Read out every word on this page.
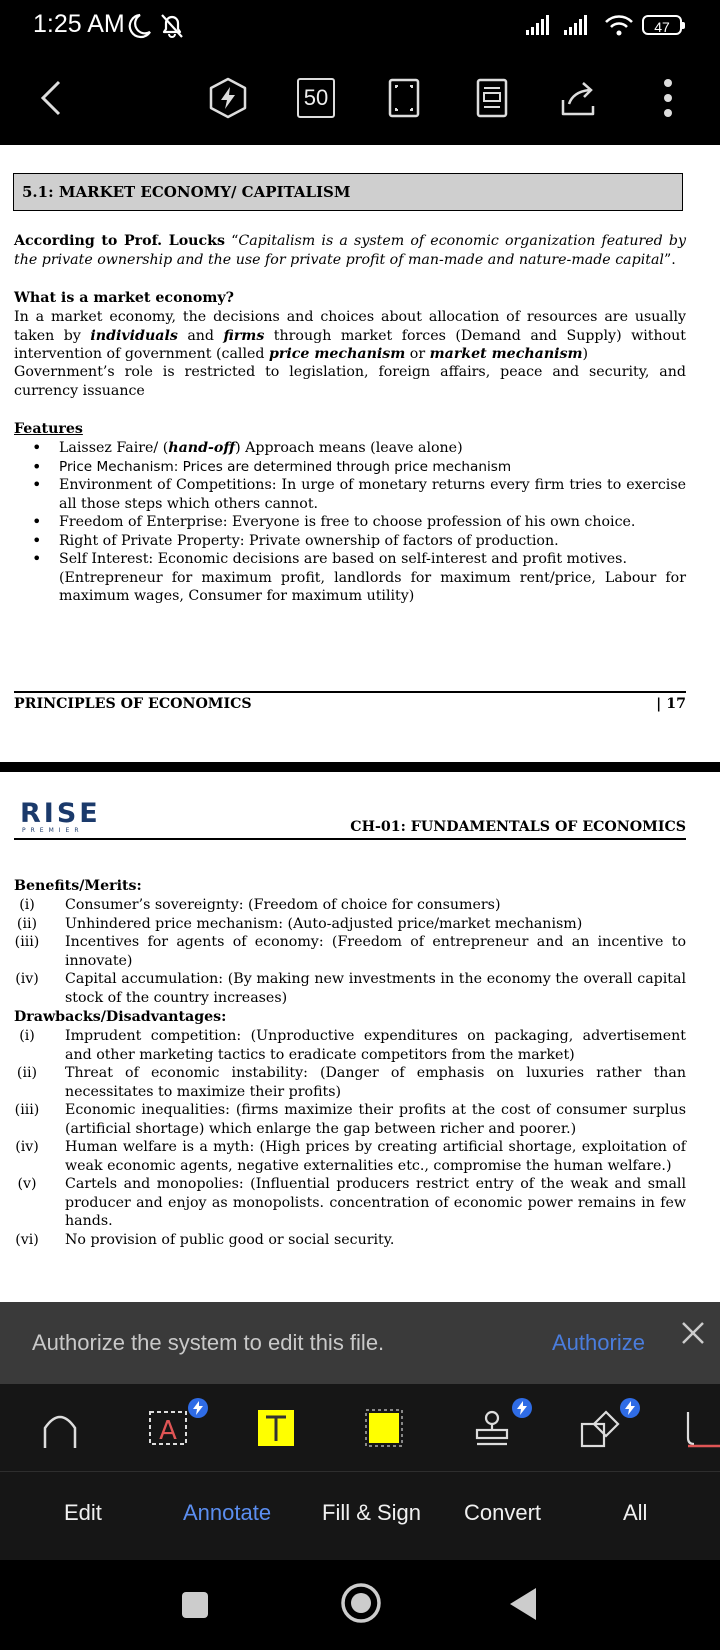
1:25 AM	47
50
5.1: MARKET ECONOMY/ CAPITALISM
According to Prof. Loucks “Capitalism is a system of economic organization featured by the private ownership and the use for private profit of man-made and nature-made capital”.
What is a market economy?
In a market economy, the decisions and choices about allocation of resources are usually taken by individuals and firms through market forces (Demand and Supply) without intervention of government (called price mechanism or market mechanism)
Government’s role is restricted to legislation, foreign affairs, peace and security, and currency issuance
Features
• Laissez Faire/ (hand-off) Approach means (leave alone)
• Price Mechanism: Prices are determined through price mechanism
• Environment of Competitions: In urge of monetary returns every firm tries to exercise all those steps which others cannot.
• Freedom of Enterprise: Everyone is free to choose profession of his own choice.
• Right of Private Property: Private ownership of factors of production.
• Self Interest: Economic decisions are based on self-interest and profit motives.
(Entrepreneur for maximum profit, landlords for maximum rent/price, Labour for maximum wages, Consumer for maximum utility)
PRINCIPLES OF ECONOMICS	| 17
RISE
PREMIER	CH-01: FUNDAMENTALS OF ECONOMICS
Benefits/Merits:
(i)	Consumer’s sovereignty: (Freedom of choice for consumers)
(ii) Unhindered price mechanism: (Auto-adjusted price/market mechanism)
(iii) Incentives for agents of economy: (Freedom of entrepreneur and an incentive to innovate)
(iv) Capital accumulation: (By making new investments in the economy the overall capital stock of the country increases)
Drawbacks/Disadvantages:
(i)	Imprudent competition: (Unproductive expenditures on packaging, advertisement and other marketing tactics to eradicate competitors from the market)
(ii) Threat of economic instability: (Danger of emphasis on luxuries rather than necessitates to maximize their profits)
(iii) Economic inequalities: (firms maximize their profits at the cost of consumer surplus (artificial shortage) which enlarge the gap between richer and poorer.)
(iv) Human welfare is a myth: (High prices by creating artificial shortage, exploitation of weak economic agents, negative externalities etc., compromise the human welfare.)
(v) Cartels and monopolies: (Influential producers restrict entry of the weak and small producer and enjoy as monopolists. concentration of economic power remains in few hands.
(vi) No provision of public good or social security.
Authorize the system to edit this file.	Authorize
A
Edit	Annotate Fill & Sign Convert	All
